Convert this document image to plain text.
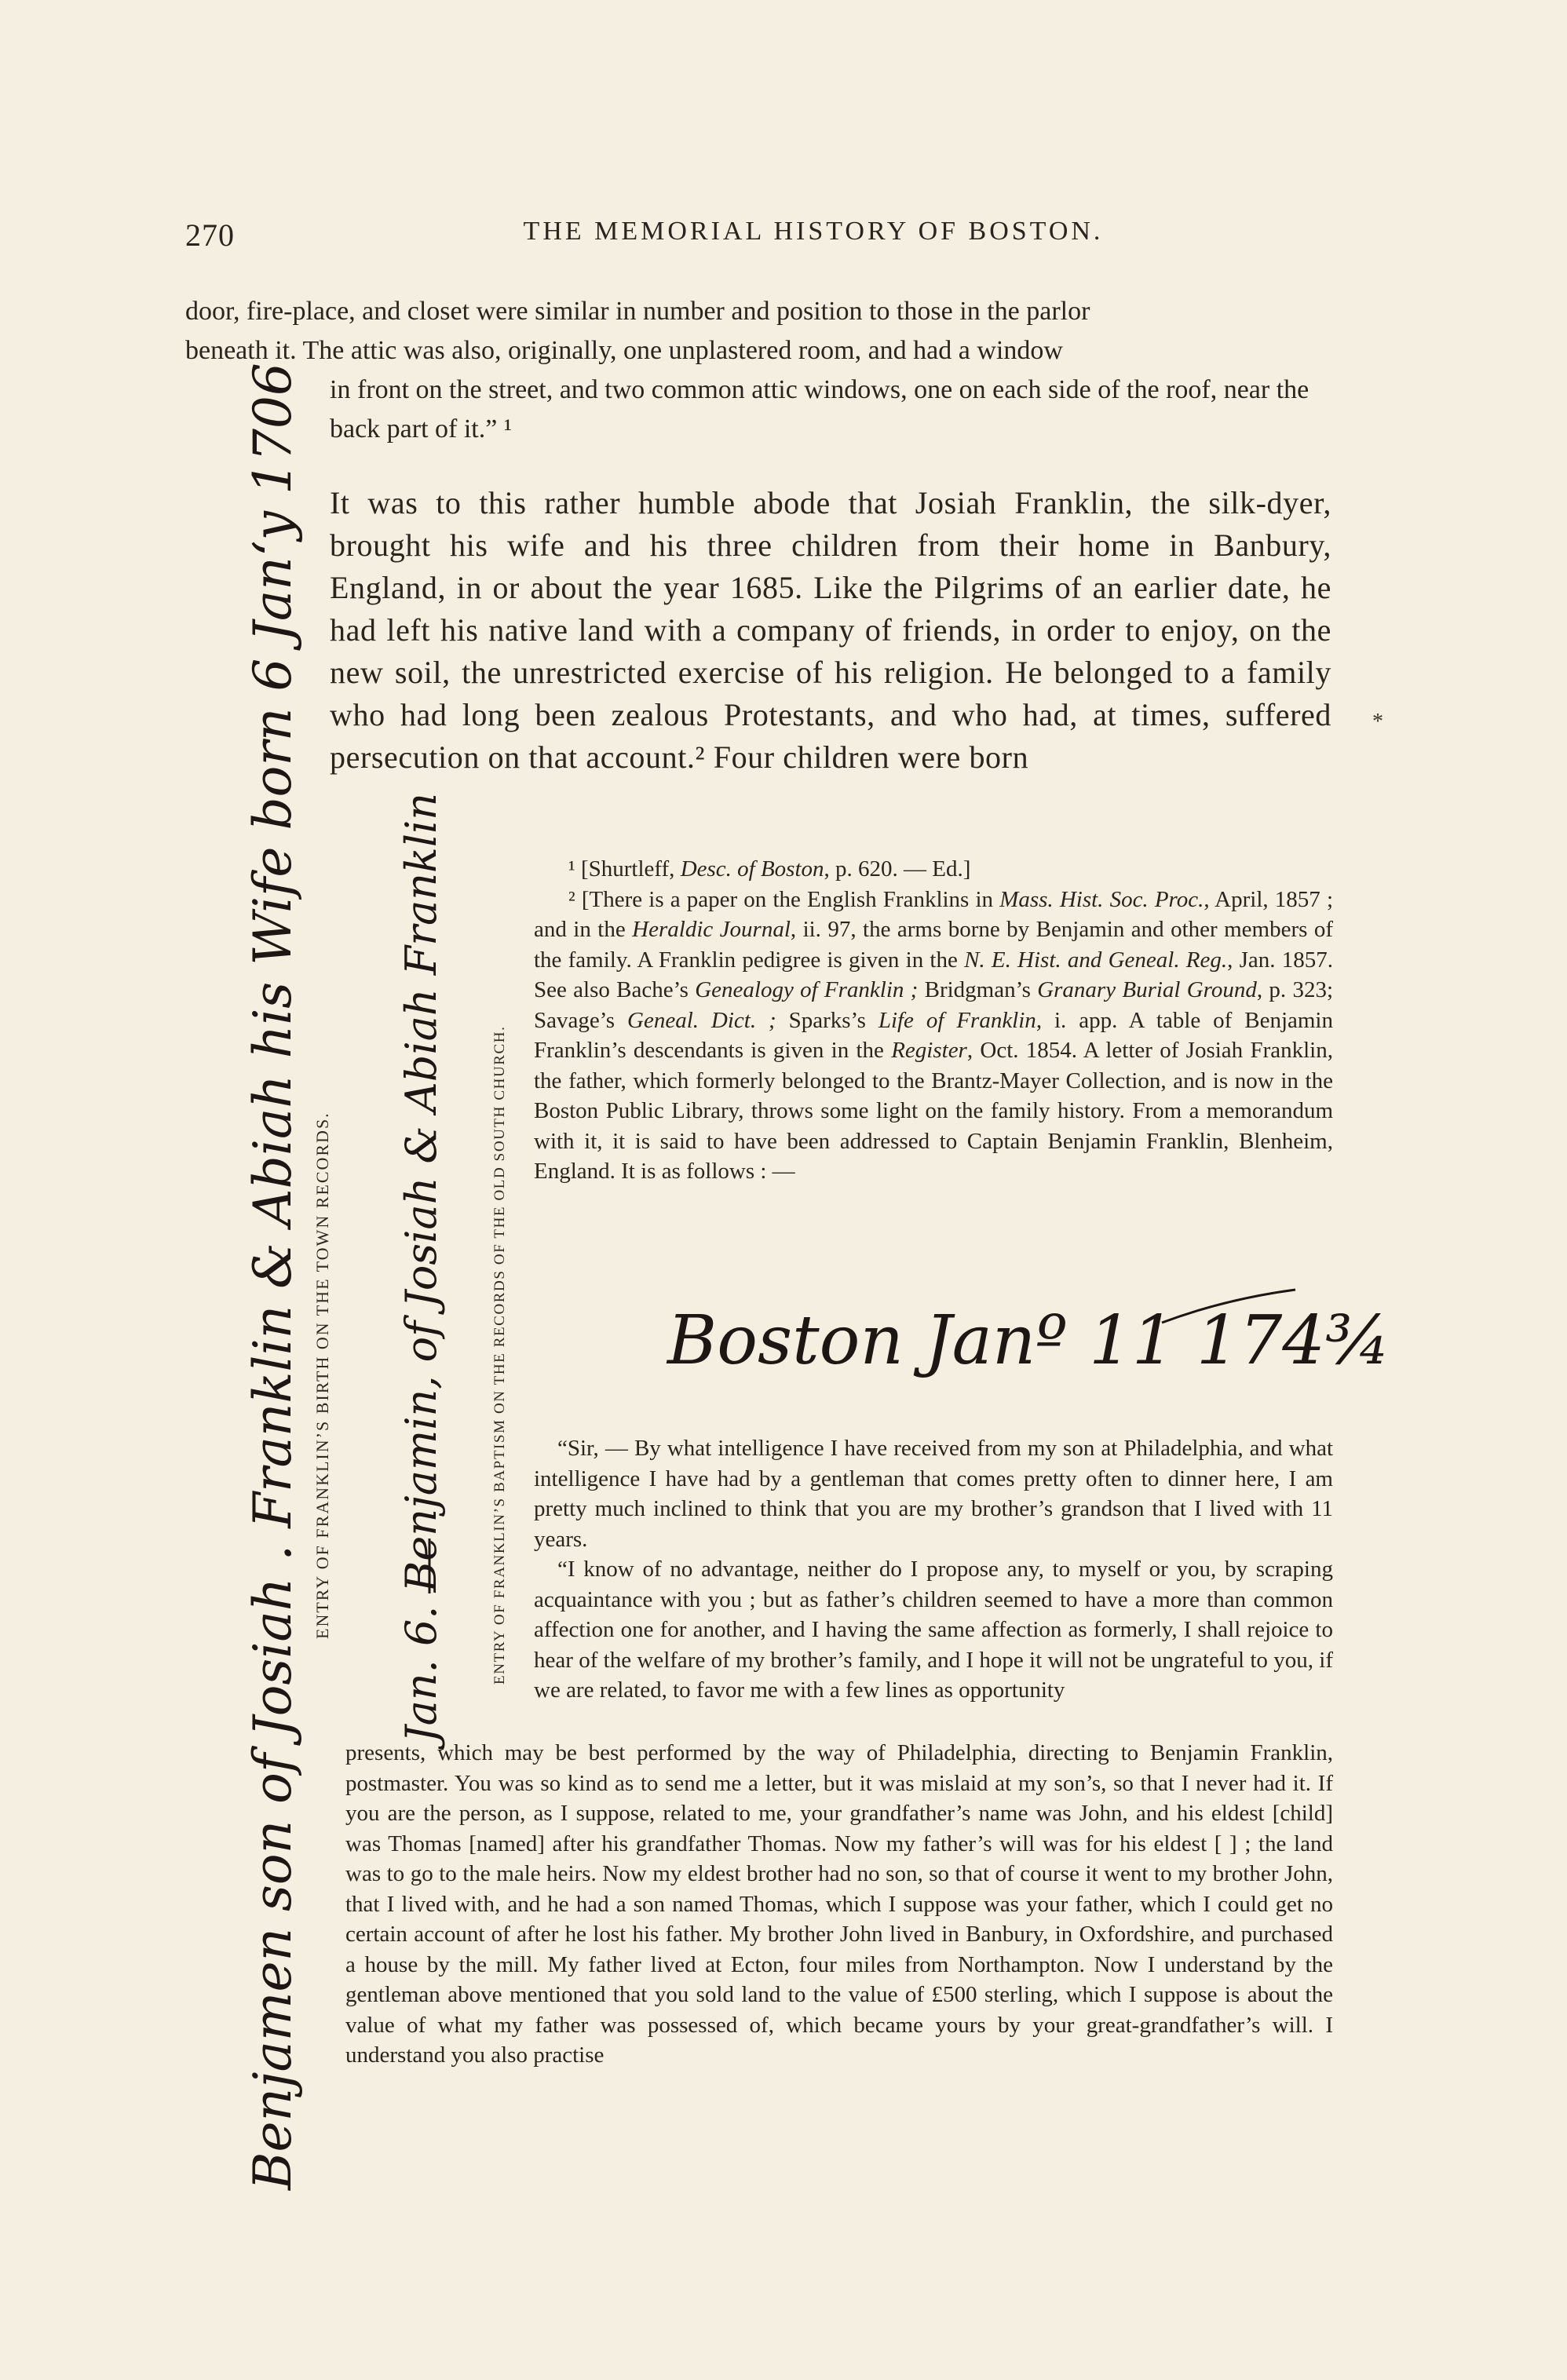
270	THE MEMORIAL HISTORY OF BOSTON.
door, fire-place, and closet were similar in number and position to those in the parlor
beneath it. The attic was also, originally, one unplastered room, and had a window
in front on the street, and two common attic windows, one on each side of the roof, near the back part of it.” ¹
It was to this rather humble abode that Josiah Franklin, the silk-dyer, brought his wife and his three children from their home in Banbury, England, in or about the year 1685. Like the Pilgrims of an earlier date, he had left his native land with a company of friends, in order to enjoy, on the new soil, the unrestricted exercise of his religion. He belonged to a family who had long been zealous Protestants, and who had, at times, suffered persecution on that account.² Four children were born
*

¹ [Shurtleff, Desc. of Boston, p. 620. — Ed.]

² [There is a paper on the English Franklins in Mass. Hist. Soc. Proc., April, 1857 ; and in the Heraldic Journal, ii. 97, the arms borne by Benjamin and other members of the family. A Franklin pedigree is given in the N. E. Hist. and Geneal. Reg., Jan. 1857. See also Bache’s Genealogy of Franklin ; Bridgman’s Granary Burial Ground, p. 323; Savage’s Geneal. Dict. ; Sparks’s Life of Franklin, i. app. A table of Benjamin Franklin’s descendants is given in the Register, Oct. 1854. A letter of Josiah Franklin, the father, which formerly belonged to the Brantz-Mayer Collection, and is now in the Boston Public Library, throws some light on the family history. From a memorandum with it, it is said to have been addressed to Captain Benjamin Franklin, Blenheim, England. It is as follows : —

Boston Janº 11 174¾

“Sir, — By what intelligence I have received from my son at Philadelphia, and what intelligence I have had by a gentleman that comes pretty often to dinner here, I am pretty much inclined to think that you are my brother’s grandson that I lived with 11 years.

“I know of no advantage, neither do I propose any, to myself or you, by scraping acquaintance with you ; but as father’s children seemed to have a more than common affection one for another, and I having the same affection as formerly, I shall rejoice to hear of the welfare of my brother’s family, and I hope it will not be ungrateful to you, if we are related, to favor me with a few lines as opportunity

presents, which may be best performed by the way of Philadelphia, directing to Benjamin Franklin, postmaster. You was so kind as to send me a letter, but it was mislaid at my son’s, so that I never had it. If you are the person, as I suppose, related to me, your grandfather’s name was John, and his eldest [child] was Thomas [named] after his grandfather Thomas. Now my father’s will was for his eldest [ ] ; the land was to go to the male heirs. Now my eldest brother had no son, so that of course it went to my brother John, that I lived with, and he had a son named Thomas, which I suppose was your father, which I could get no certain account of after he lost his father. My brother John lived in Banbury, in Oxfordshire, and purchased a house by the mill. My father lived at Ecton, four miles from Northampton. Now I understand by the gentleman above mentioned that you sold land to the value of £500 sterling, which I suppose is about the value of what my father was possessed of, which became yours by your great-grandfather’s will. I understand you also practise
ENTRY OF FRANKLIN’S BIRTH ON THE TOWN RECORDS.	ENTRY OF FRANKLIN’S BAPTISM ON THE RECORDS OF THE OLD SOUTH CHURCH.
Benjamen son of Josiah . Franklin & Abiah his Wife born 6 Janʻy 1706 Jan. 6. Benjamin, of Josiah & Abiah Franklin
